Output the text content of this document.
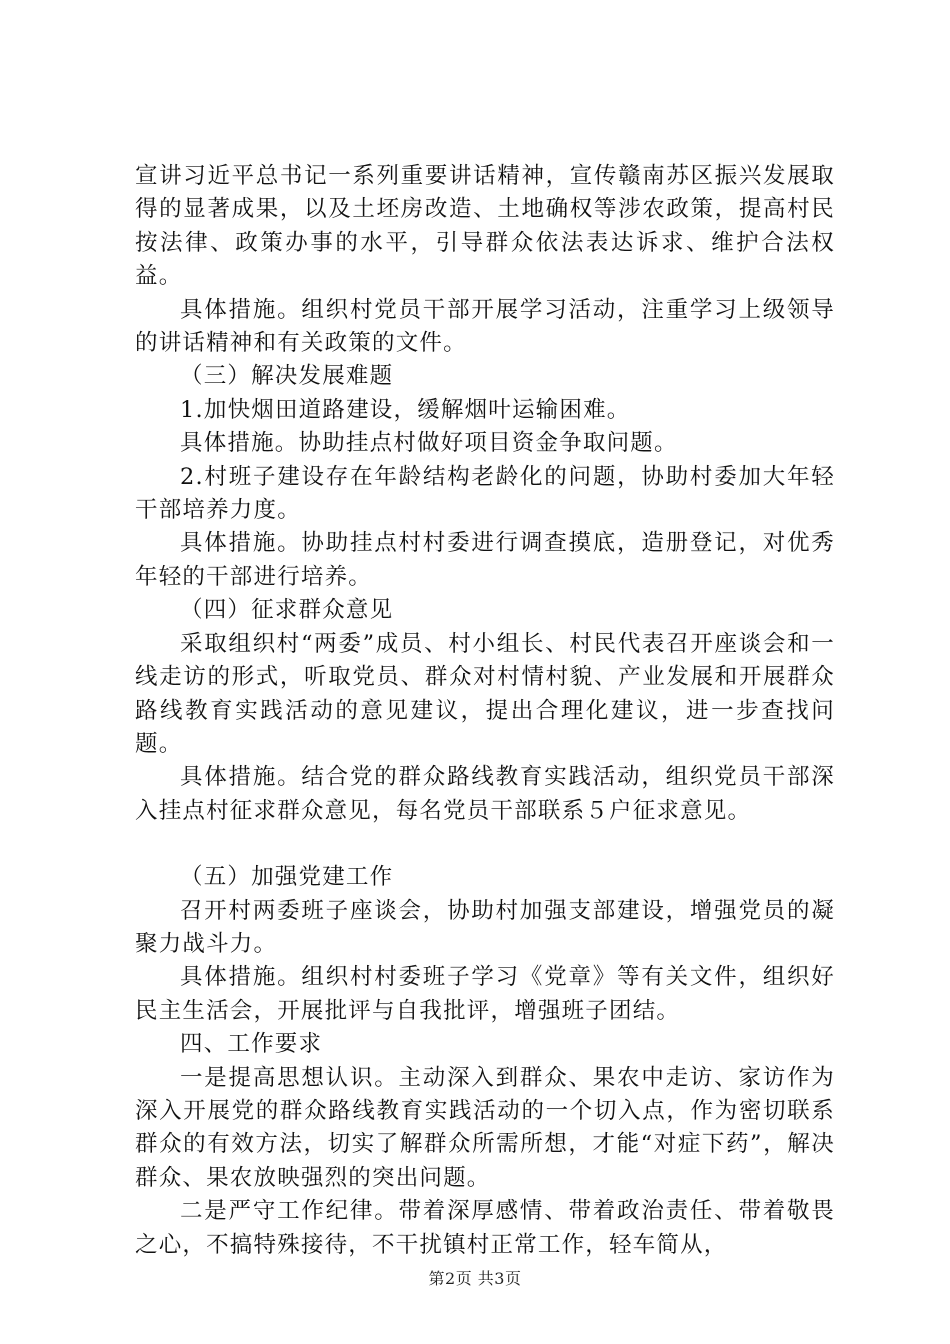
宣讲习近平总书记一系列重要讲话精神，宣传赣南苏区振兴发展取得的显著成果，以及土坯房改造、土地确权等涉农政策，提高村民按法律、政策办事的水平，引导群众依法表达诉求、维护合法权益。

具体措施。组织村党员干部开展学习活动，注重学习上级领导的讲话精神和有关政策的文件。

（三）解决发展难题

1.加快烟田道路建设，缓解烟叶运输困难。

具体措施。协助挂点村做好项目资金争取问题。

2.村班子建设存在年龄结构老龄化的问题，协助村委加大年轻干部培养力度。

具体措施。协助挂点村村委进行调查摸底，造册登记，对优秀年轻的干部进行培养。

（四）征求群众意见

采取组织村“两委”成员、村小组长、村民代表召开座谈会和一线走访的形式，听取党员、群众对村情村貌、产业发展和开展群众路线教育实践活动的意见建议，提出合理化建议，进一步查找问题。

具体措施。结合党的群众路线教育实践活动，组织党员干部深入挂点村征求群众意见，每名党员干部联系５户征求意见。

（五）加强党建工作

召开村两委班子座谈会，协助村加强支部建设，增强党员的凝聚力战斗力。

具体措施。组织村村委班子学习《党章》等有关文件，组织好民主生活会，开展批评与自我批评，增强班子团结。

四、工作要求

一是提高思想认识。主动深入到群众、果农中走访、家访作为深入开展党的群众路线教育实践活动的一个切入点，作为密切联系群众的有效方法，切实了解群众所需所想，才能“对症下药”，解决群众、果农放映强烈的突出问题。

二是严守工作纪律。带着深厚感情、带着政治责任、带着敬畏之心，不搞特殊接待，不干扰镇村正常工作，轻车简从，

第2页 共3页
